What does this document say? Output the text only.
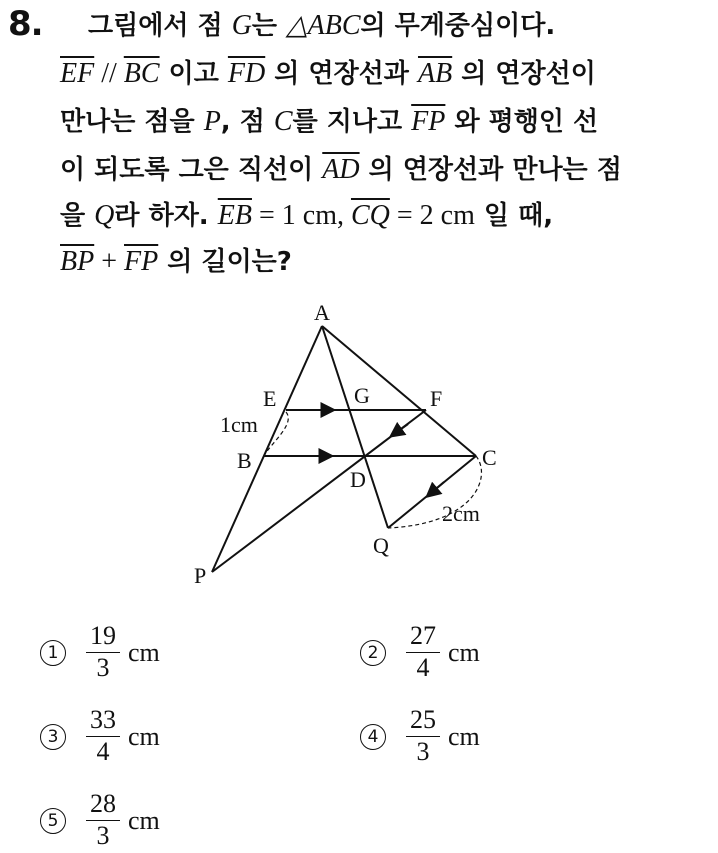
8. 그림에서 점 G는 △ABC의 무게중심이다.
$\overline{EF} // \overline{BC}$ 이고 $\overline{FD}$ 의 연장선과 $\overline{AB}$ 의 연장선이
만나는 점을 P, 점 C를 지나고 $\overline{FP}$ 와 평행인 선
이 되도록 그은 직선이 $\overline{AD}$ 의 연장선과 만나는 점
을 Q라 하자. $\overline{EB} = 1$ cm, $\overline{CQ} = 2$ cm 일 때,
$\overline{BP} + \overline{FP}$ 의 길이는?
A
E	G	F
1cm
B	C
D
2cm
Q
P
$1 \frac{19}{3}$ cm	$2 \frac{27}{4}$ cm
$3 \frac{33}{4}$ cm	$4 \frac{25}{3}$ cm
$5 \frac{28}{3}$ cm
